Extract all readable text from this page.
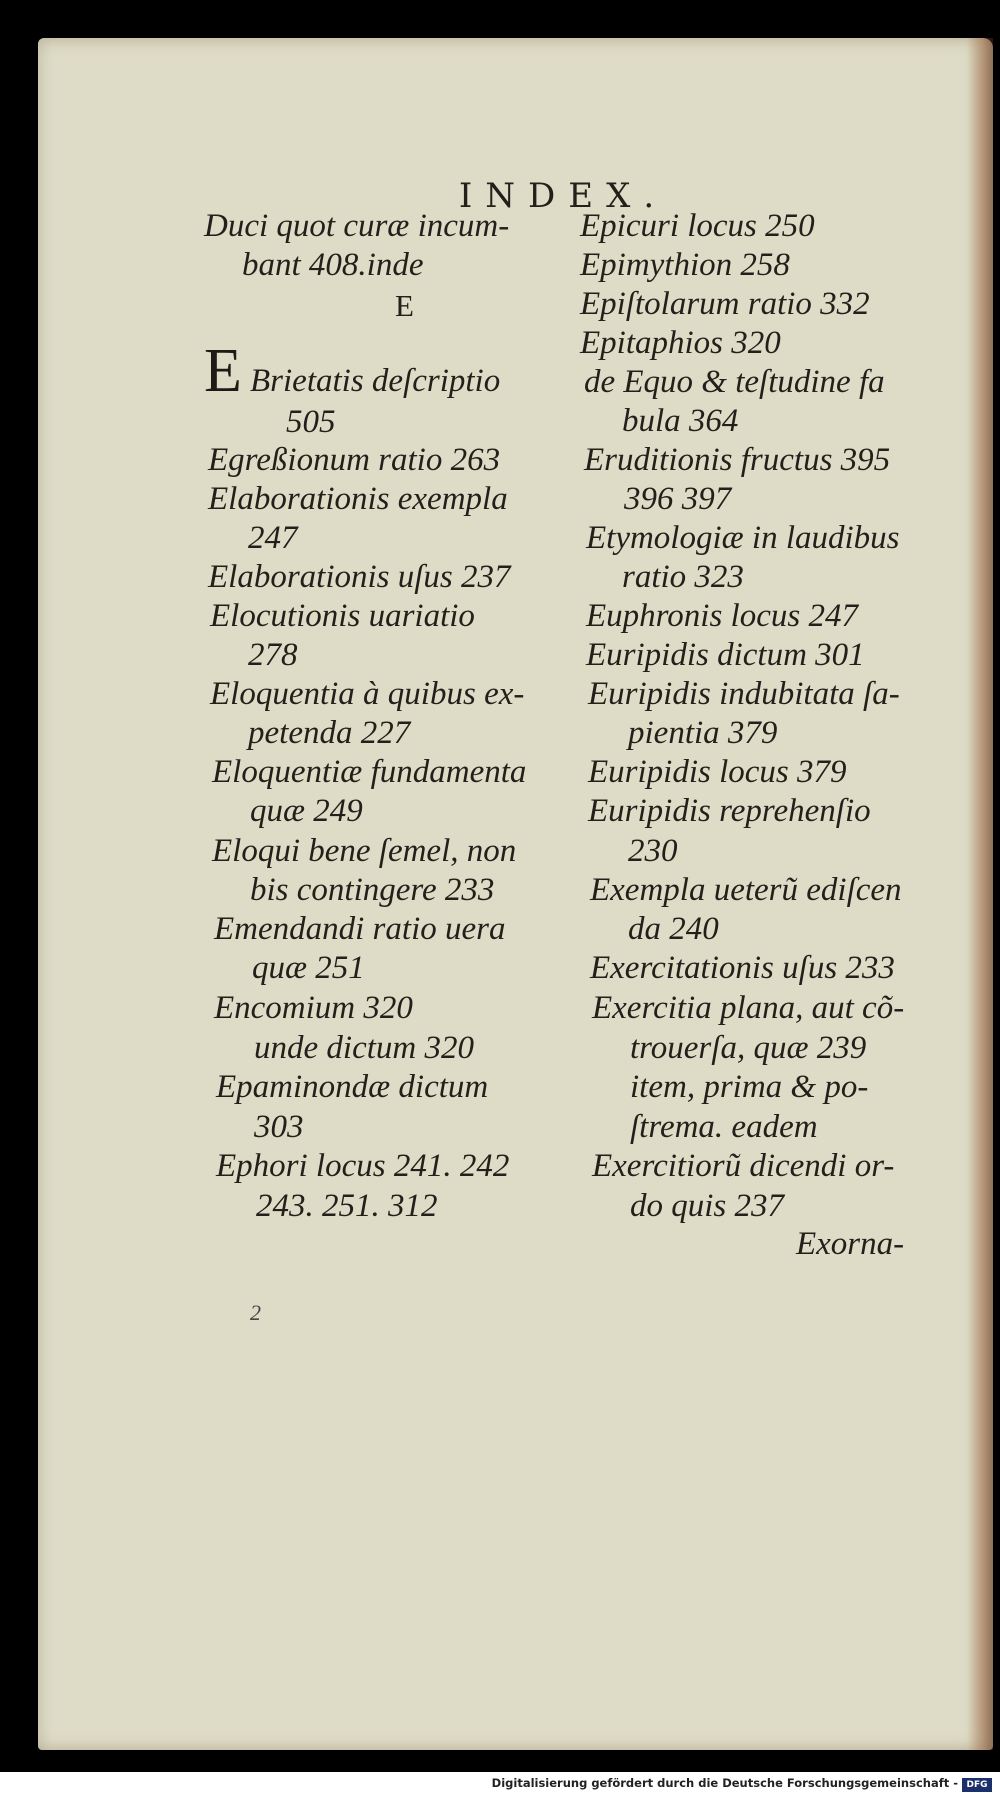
INDEX.
E
E
Duci quot curæ incum-
bant 408.inde
Brietatis deſcriptio
505
Egreßionum ratio 263
Elaborationis exempla
247
Elaborationis uſus 237
Elocutionis uariatio
278
Eloquentia à quibus ex-
petenda 227
Eloquentiæ fundamenta
quæ 249
Eloqui bene ſemel, non
bis contingere 233
Emendandi ratio uera
quæ 251
Encomium 320
unde dictum 320
Epaminondæ dictum
303
Ephori locus 241. 242
243. 251. 312
Epicuri locus 250
Epimythion 258
Epiſtolarum ratio 332
Epitaphios 320
de Equo & teſtudine fa
bula 364
Eruditionis fructus 395
396 397
Etymologiæ in laudibus
ratio 323
Euphronis locus 247
Euripidis dictum 301
Euripidis indubitata ſa-
pientia 379
Euripidis locus 379
Euripidis reprehenſio
230
Exempla ueterũ ediſcen
da 240
Exercitationis uſus 233
Exercitia plana, aut cõ-
trouerſa, quæ 239
item, prima & po-
ſtrema. eadem
Exercitiorũ dicendi or-
do quis 237
Exorna-
2
Digitalisierung gefördert durch die Deutsche Forschungsgemeinschaft - DFG
